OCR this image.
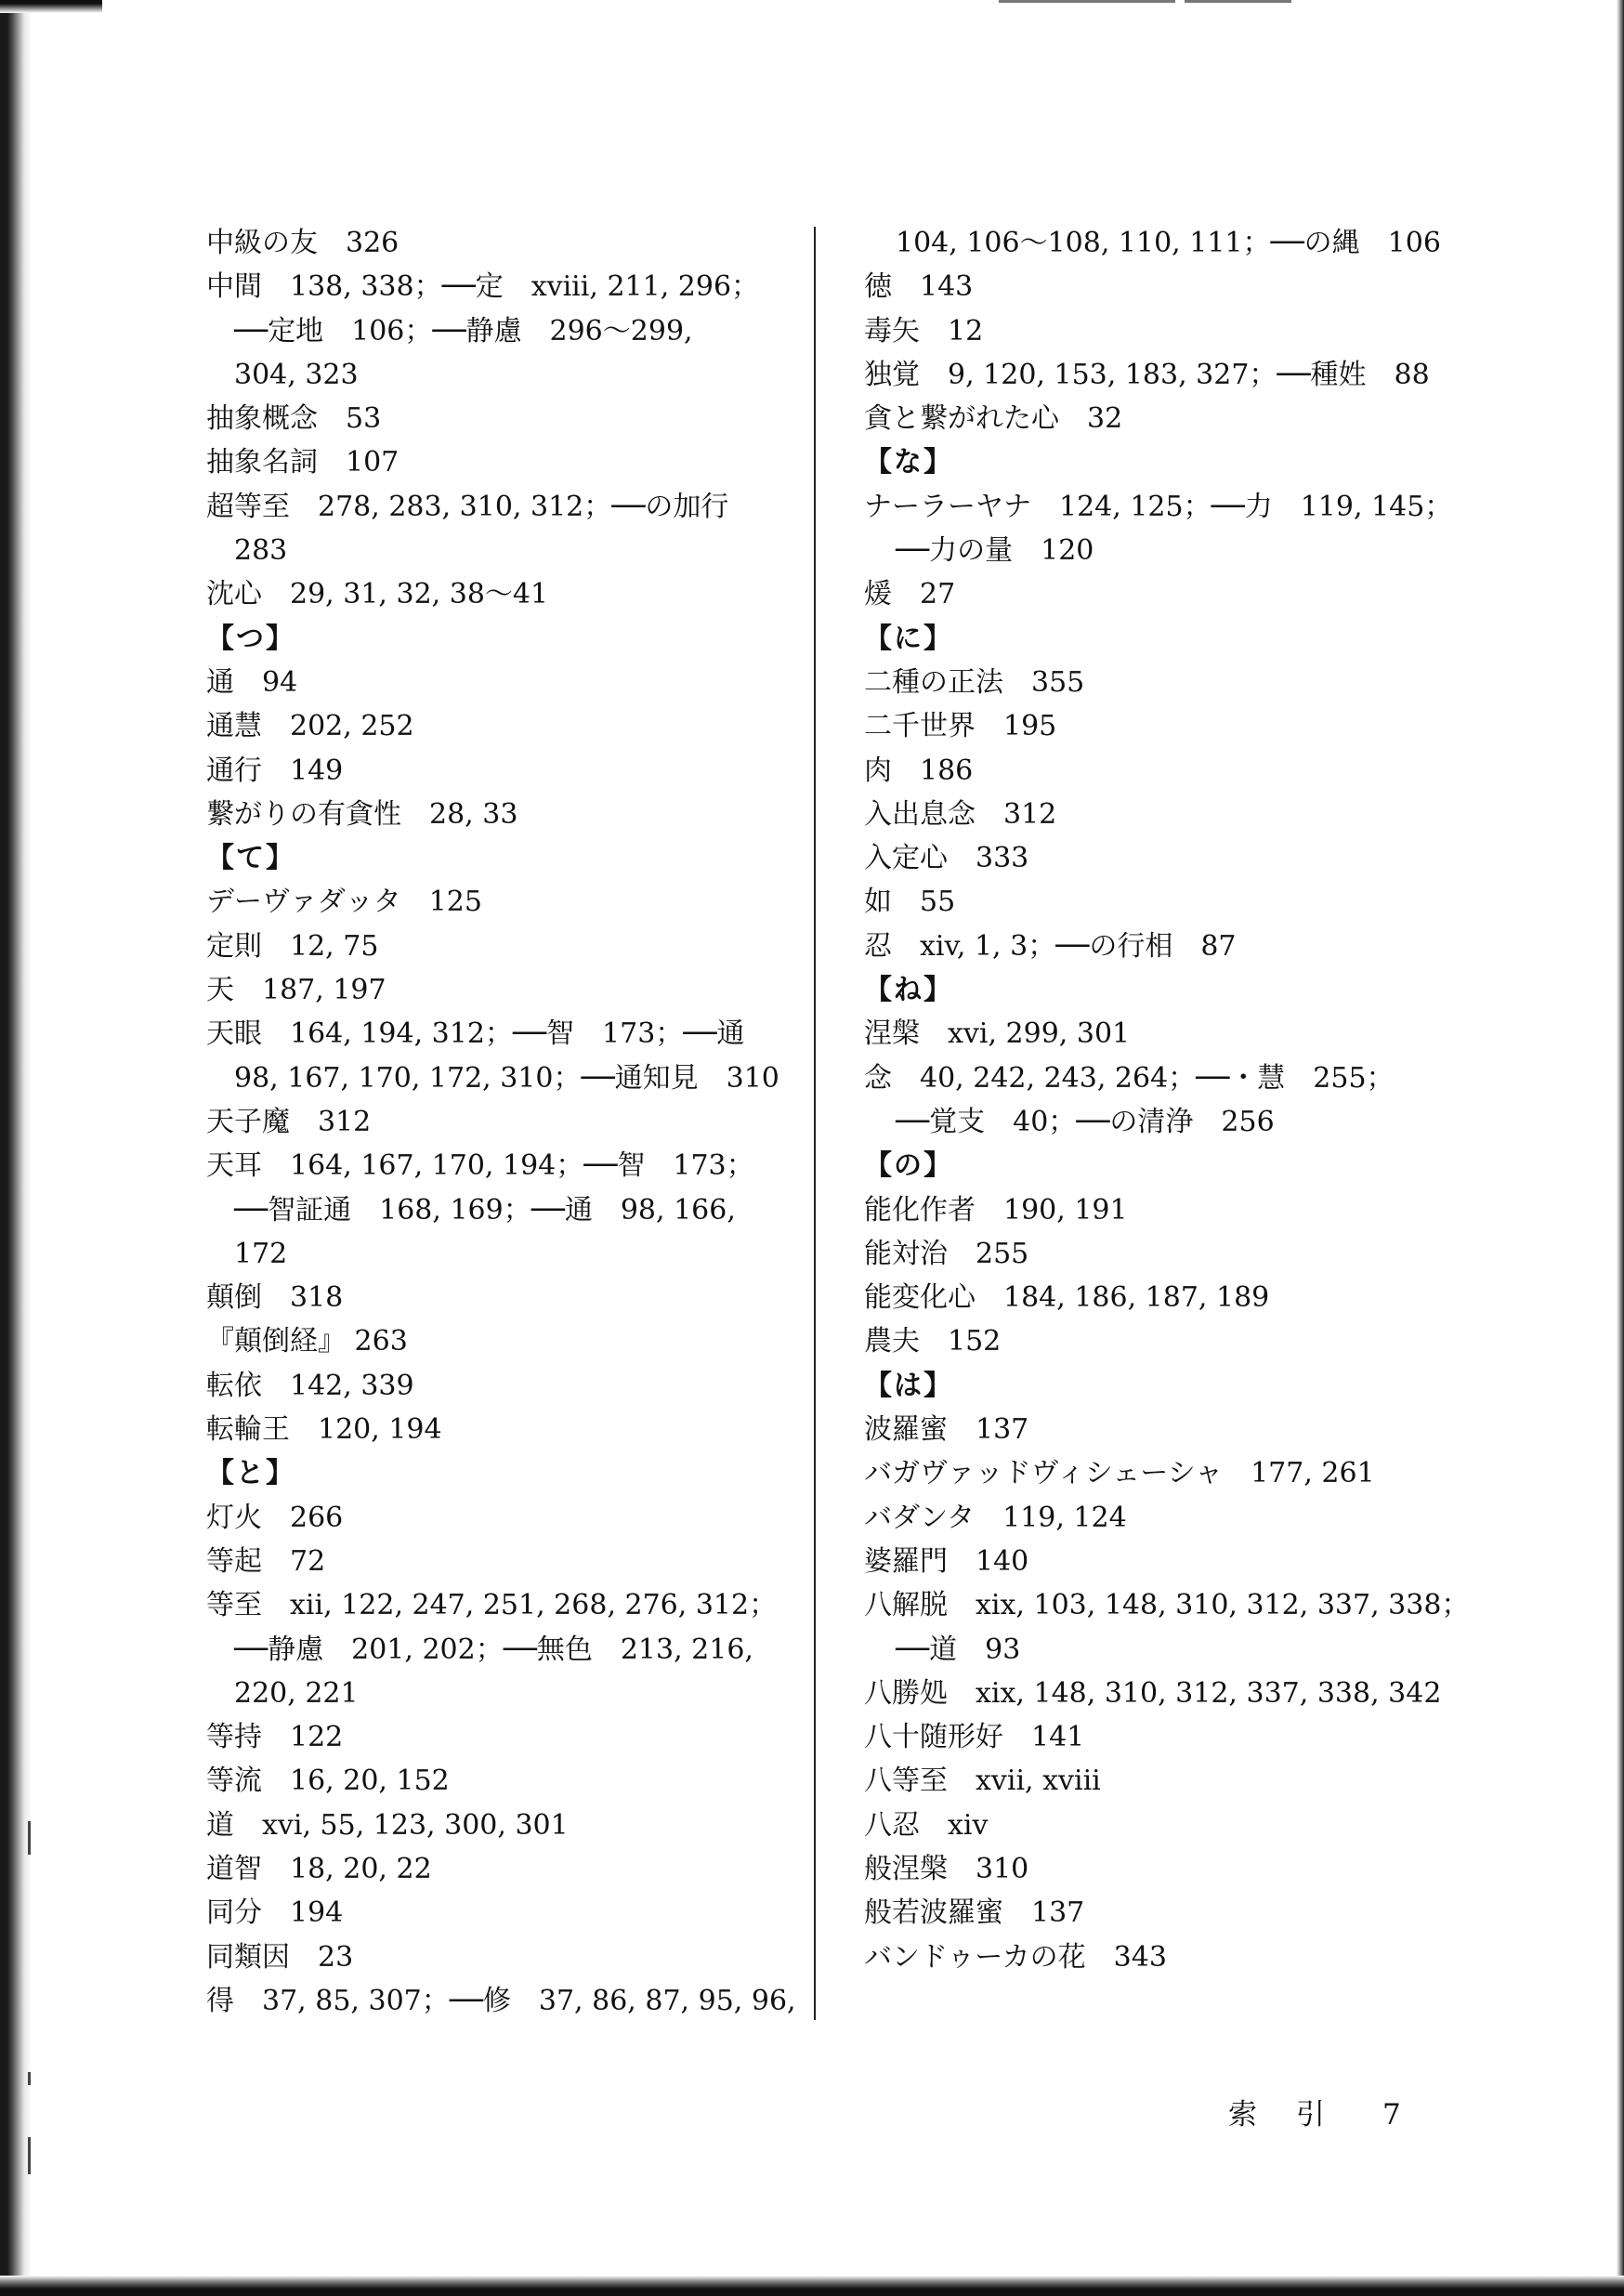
中級の友　326
中間　138, 338；──定　xviii, 211, 296；
──定地　106；──静慮　296〜299,
304, 323
抽象概念　53
抽象名詞　107
超等至　278, 283, 310, 312；──の加行
283
沈心　29, 31, 32, 38〜41
【つ】
通　94
通慧　202, 252
通行　149
繋がりの有貪性　28, 33
【て】
デーヴァダッタ　125
定則　12, 75
天　187, 197
天眼　164, 194, 312；──智　173；──通
98, 167, 170, 172, 310；──通知見　310
天子魔　312
天耳　164, 167, 170, 194；──智　173；
──智証通　168, 169；──通　98, 166,
172
顛倒　318
『顛倒経』 263
転依　142, 339
転輪王　120, 194
【と】
灯火　266
等起　72
等至　xii, 122, 247, 251, 268, 276, 312；
──静慮　201, 202；──無色　213, 216,
220, 221
等持　122
等流　16, 20, 152
道　xvi, 55, 123, 300, 301
道智　18, 20, 22
同分　194
同類因　23
得　37, 85, 307；──修　37, 86, 87, 95, 96,
104, 106〜108, 110, 111；──の縄　106
徳　143
毒矢　12
独覚　9, 120, 153, 183, 327；──種姓　88
貪と繋がれた心　32
【な】
ナーラーヤナ　124, 125；──力　119, 145；
──力の量　120
煖　27
【に】
二種の正法　355
二千世界　195
肉　186
入出息念　312
入定心　333
如　55
忍　xiv, 1, 3；──の行相　87
【ね】
涅槃　xvi, 299, 301
念　40, 242, 243, 264；──・慧　255；
──覚支　40；──の清浄　256
【の】
能化作者　190, 191
能対治　255
能変化心　184, 186, 187, 189
農夫　152
【は】
波羅蜜　137
バガヴァッドヴィシェーシャ　177, 261
バダンタ　119, 124
婆羅門　140
八解脱　xix, 103, 148, 310, 312, 337, 338；
──道　93
八勝処　xix, 148, 310, 312, 337, 338, 342
八十随形好　141
八等至　xvii, xviii
八忍　xiv
般涅槃　310
般若波羅蜜　137
バンドゥーカの花　343
索引 7
